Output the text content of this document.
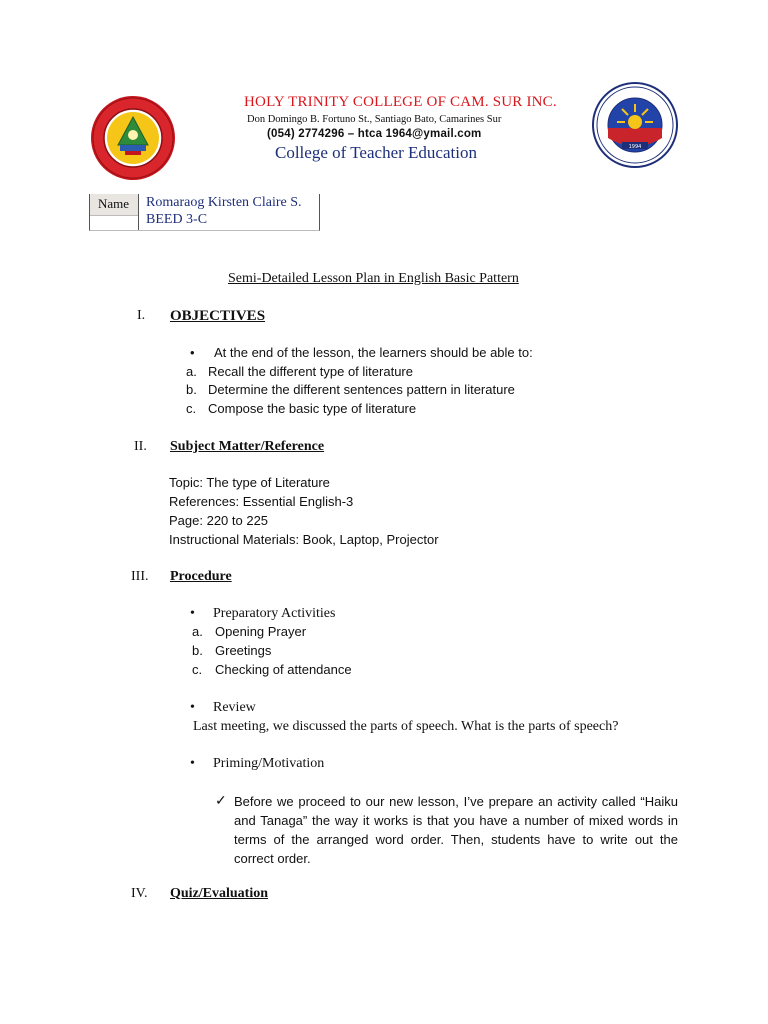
1994
HOLY TRINITY COLLEGE OF CAM. SUR INC.
Don Domingo B. Fortuno St., Santiago Bato, Camarines Sur
(054) 2774296 – htca 1964@ymail.com
College of Teacher Education
Name Romaraog Kirsten Claire S.
BEED 3-C
Semi-Detailed Lesson Plan in English Basic Pattern
I. OBJECTIVES
• At the end of the lesson, the learners should be able to:
a. Recall the different type of literature
b. Determine the different sentences pattern in literature
c. Compose the basic type of literature
II. Subject Matter/Reference
Topic: The type of Literature
References: Essential English-3
Page: 220 to 225
Instructional Materials: Book, Laptop, Projector
III. Procedure
• Preparatory Activities
a. Opening Prayer
b. Greetings
c. Checking of attendance
• Review
Last meeting, we discussed the parts of speech. What is the parts of speech?
• Priming/Motivation
✓ Before we proceed to our new lesson, I’ve prepare an activity called “Haiku and Tanaga” the way it works is that you have a number of mixed words in terms of the arranged word order. Then, students have to write out the correct order.
IV. Quiz/Evaluation
